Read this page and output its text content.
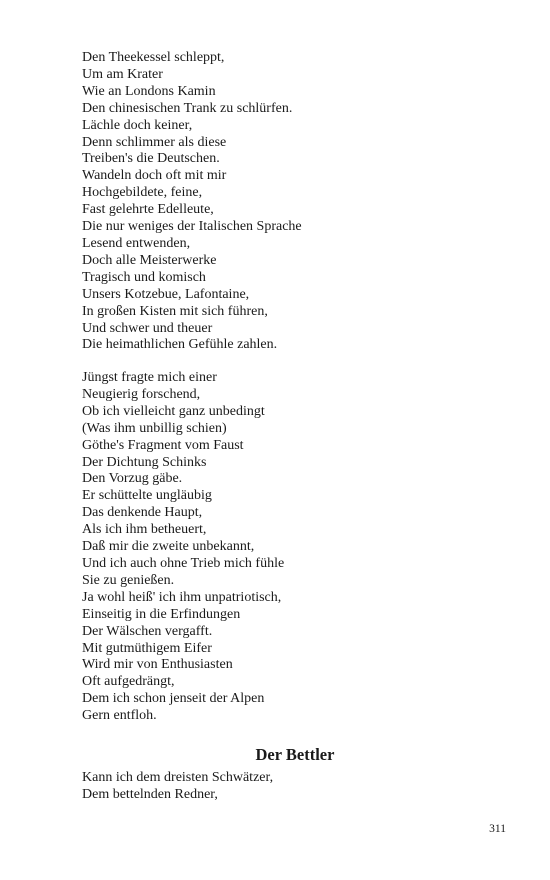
Den Theekessel schleppt,
Um am Krater
Wie an Londons Kamin
Den chinesischen Trank zu schlürfen.
Lächle doch keiner,
Denn schlimmer als diese
Treiben's die Deutschen.
Wandeln doch oft mit mir
Hochgebildete, feine,
Fast gelehrte Edelleute,
Die nur weniges der Italischen Sprache
Lesend entwenden,
Doch alle Meisterwerke
Tragisch und komisch
Unsers Kotzebue, Lafontaine,
In großen Kisten mit sich führen,
Und schwer und theuer
Die heimathlichen Gefühle zahlen.
Jüngst fragte mich einer
Neugierig forschend,
Ob ich vielleicht ganz unbedingt
(Was ihm unbillig schien)
Göthe's Fragment vom Faust
Der Dichtung Schinks
Den Vorzug gäbe.
Er schüttelte ungläubig
Das denkende Haupt,
Als ich ihm betheuert,
Daß mir die zweite unbekannt,
Und ich auch ohne Trieb mich fühle
Sie zu genießen.
Ja wohl heiß' ich ihm unpatriotisch,
Einseitig in die Erfindungen
Der Wälschen vergafft.
Mit gutmüthigem Eifer
Wird mir von Enthusiasten
Oft aufgedrängt,
Dem ich schon jenseit der Alpen
Gern entfloh.
Der Bettler
Kann ich dem dreisten Schwätzer,
Dem bettelnden Redner,
311
